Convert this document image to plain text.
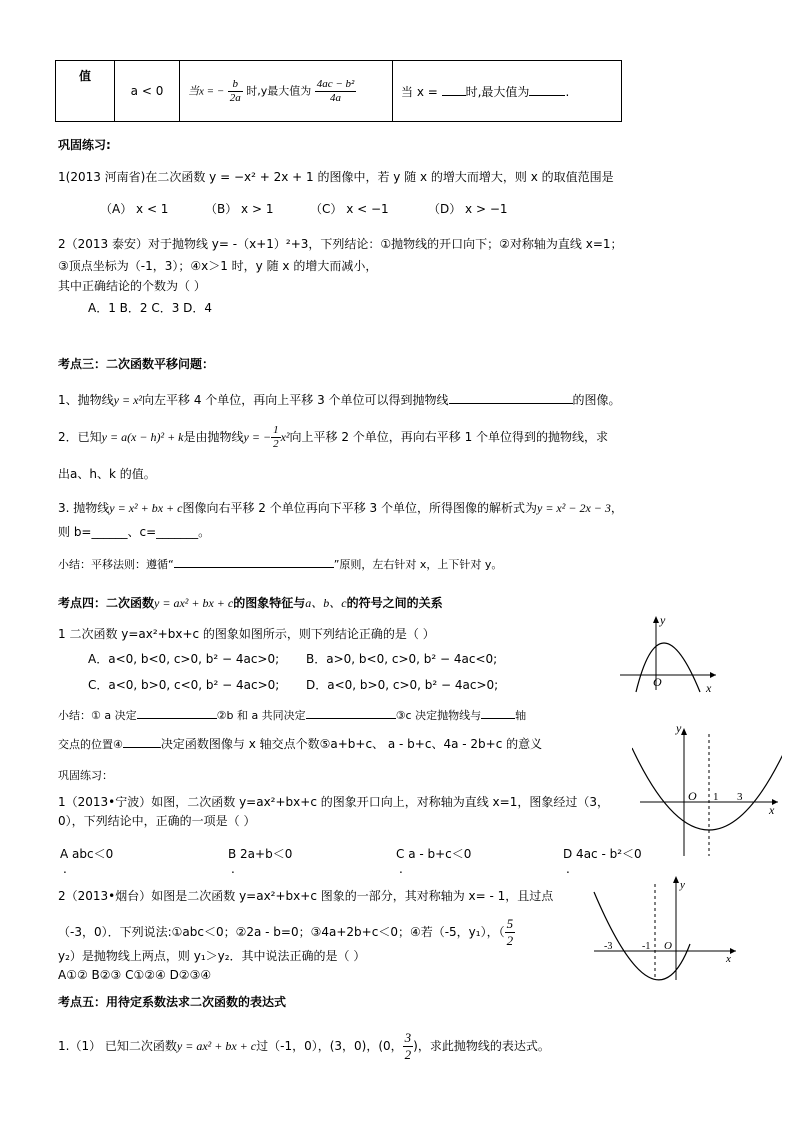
值	a < 0	当x = − $\frac{b}{2a}$ 时,y最大值为 $\frac{\text{4ac − b²}}{4a}$	当 x = 时,最大值为	.
巩固练习:
1(2013 河南省)在二次函数 y = −x² + 2x + 1 的图像中，若 y 随 x 的增大而增大，则 x 的取值范围是
（A） x < 1	（B） x > 1	（C） x < −1	（D） x > −1
2（2013 泰安）对于抛物线 y= -（x+1）²+3，下列结论：①抛物线的开口向下；②对称轴为直线 x=1；
③顶点坐标为（-1，3）；④x＞1 时，y 随 x 的增大而减小，
其中正确结论的个数为（ ）
A．1 B．2 C．3 D．4
考点三：二次函数平移问题：
1、抛物线y = x²向左平移 4 个单位，再向上平移 3 个单位可以得到抛物线	的图像。
2．已知y = a(x − h)² + k是由抛物线y = − $\frac{1}{2} x^2$向上平移 2 个单位，再向右平移 1 个单位得到的抛物线，求
出a、h、k 的值。
3. 抛物线y = x² + bx + c图像向右平移 2 个单位再向下平移 3 个单位，所得图像的解析式为y = x² − 2x − 3，
则 b=______、c=_______。
小结：平移法则：遵循“	”原则，左右针对 x，上下针对 y。
考点四：二次函数y = ax² + bx + c的图象特征与a、b、c的符号之间的关系
1 二次函数 y=ax²+bx+c 的图象如图所示，则下列结论正确的是（ ）
A．a<0, b<0, c>0, b² − 4ac>0; B．a>0, b<0, c>0, b² − 4ac<0;
C．a<0, b>0, c<0, b² − 4ac>0; D．a<0, b>0, c>0, b² − 4ac>0;
小结：① a 决定	②b 和 a 共同决定	③c 决定抛物线与	轴
交点的位置④	决定函数图像与 x 轴交点个数⑤a+b+c、 a - b+c、4a - 2b+c 的意义
巩固练习：
1（2013•宁波）如图，二次函数 y=ax²+bx+c 的图象开口向上，对称轴为直线 x=1，图象经过（3，
0），下列结论中，正确的一项是（ ）
A abc＜0	B 2a+b＜0	C a - b+c＜0	D 4ac - b²＜0
.	.	.	.
2（2013•烟台）如图是二次函数 y=ax²+bx+c 图象的一部分，其对称轴为 x= - 1，且过点
（-3，0）．下列说法:①abc＜0；②2a - b=0；③4a+2b+c＜0；④若（-5，y₁），（ $\frac{5}{2}$
y₂）是抛物线上两点，则 y₁＞y₂．其中说法正确的是（ ）
A①② B②③ C①②④ D②③④
考点五：用待定系数法求二次函数的表达式
1.（1） 已知二次函数y = ax² + bx + c过（-1，0），(3，0)，(0， $\frac{3}{2}$ )，求此抛物线的表达式。
y
O	x
y
O 1 3
x
y
O
-1
-3
x
